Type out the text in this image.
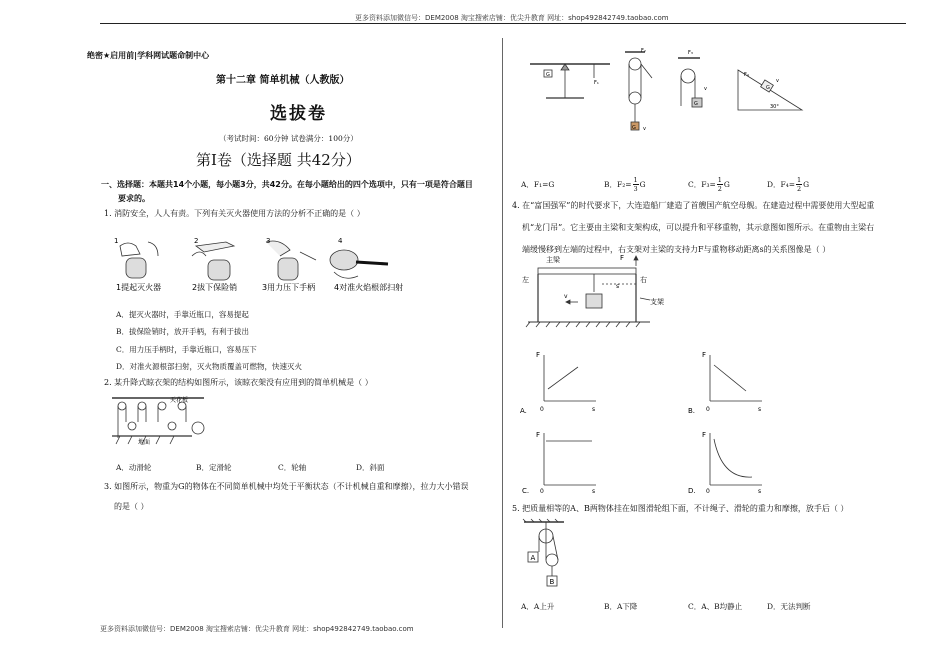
更多资料添加微信号：DEM2008 淘宝搜索店铺：优尖升教育 网址：shop492842749.taobao.com
更多资料添加微信号：DEM2008 淘宝搜索店铺：优尖升教育 网址：shop492842749.taobao.com
绝密★启用前|学科网试题命制中心
第十二章 简单机械（人教版）
选拔卷
（考试时间：60分钟 试卷满分：100分）
第Ⅰ卷（选择题 共42分）
一、选择题：本题共14个小题，每小题3分，共42分。在每小题给出的四个选项中，只有一项是符合题目
要求的。
1. 消防安全，人人有责。下列有关灭火器使用方法的分析不正确的是（ ）
1	2	3	4
1提起灭火器	2拔下保险销	3用力压下手柄 4对准火焰根部扫射
A．提灭火器时，手靠近瓶口，容易提起
B．拔保险销时，放开手柄，有利于拔出
C．用力压手柄时，手靠近瓶口，容易压下
D．对准火源根部扫射，灭火物质覆盖可燃物，快速灭火
2. 某升降式晾衣架的结构如图所示，该晾衣架没有应用到的简单机械是（ ）
天花板
地面
A．动滑轮	B．定滑轮	C．轮轴	D．斜面
3. 如图所示，物重为G的物体在不同简单机械中均处于平衡状态（不计机械自重和摩擦），拉力大小错误
的是（ ）
G
F₁
F₂
G v
F₃
G
v
F₄
G
v
30°
A．F₁=G	B．$F_2= \frac{1}{3}$ G	C．$F_3= \frac{1}{2}$ G	D．$F_4= \frac{1}{2}$ G
4. 在“富国强军”的时代要求下，大连造船厂建造了首艘国产航空母舰。在建造过程中需要使用大型起重
机“龙门吊”。它主要由主梁和支架构成，可以提升和平移重物，其示意图如图所示。在重物由主梁右
端缓慢移到左端的过程中，右支架对主梁的支持力F与重物移动距离s的关系图像是（ ）
主梁	F
左	右
v
s
支架
F
s
0
A.
F
s
0
B.
F
s
0
C.
F
s
0
D.
5. 把质量相等的A、B两物体挂在如图滑轮组下面，不计绳子、滑轮的重力和摩擦，放手后（ ）
A
B
A．A上升	B．A下降	C．A、B均静止	D．无法判断
